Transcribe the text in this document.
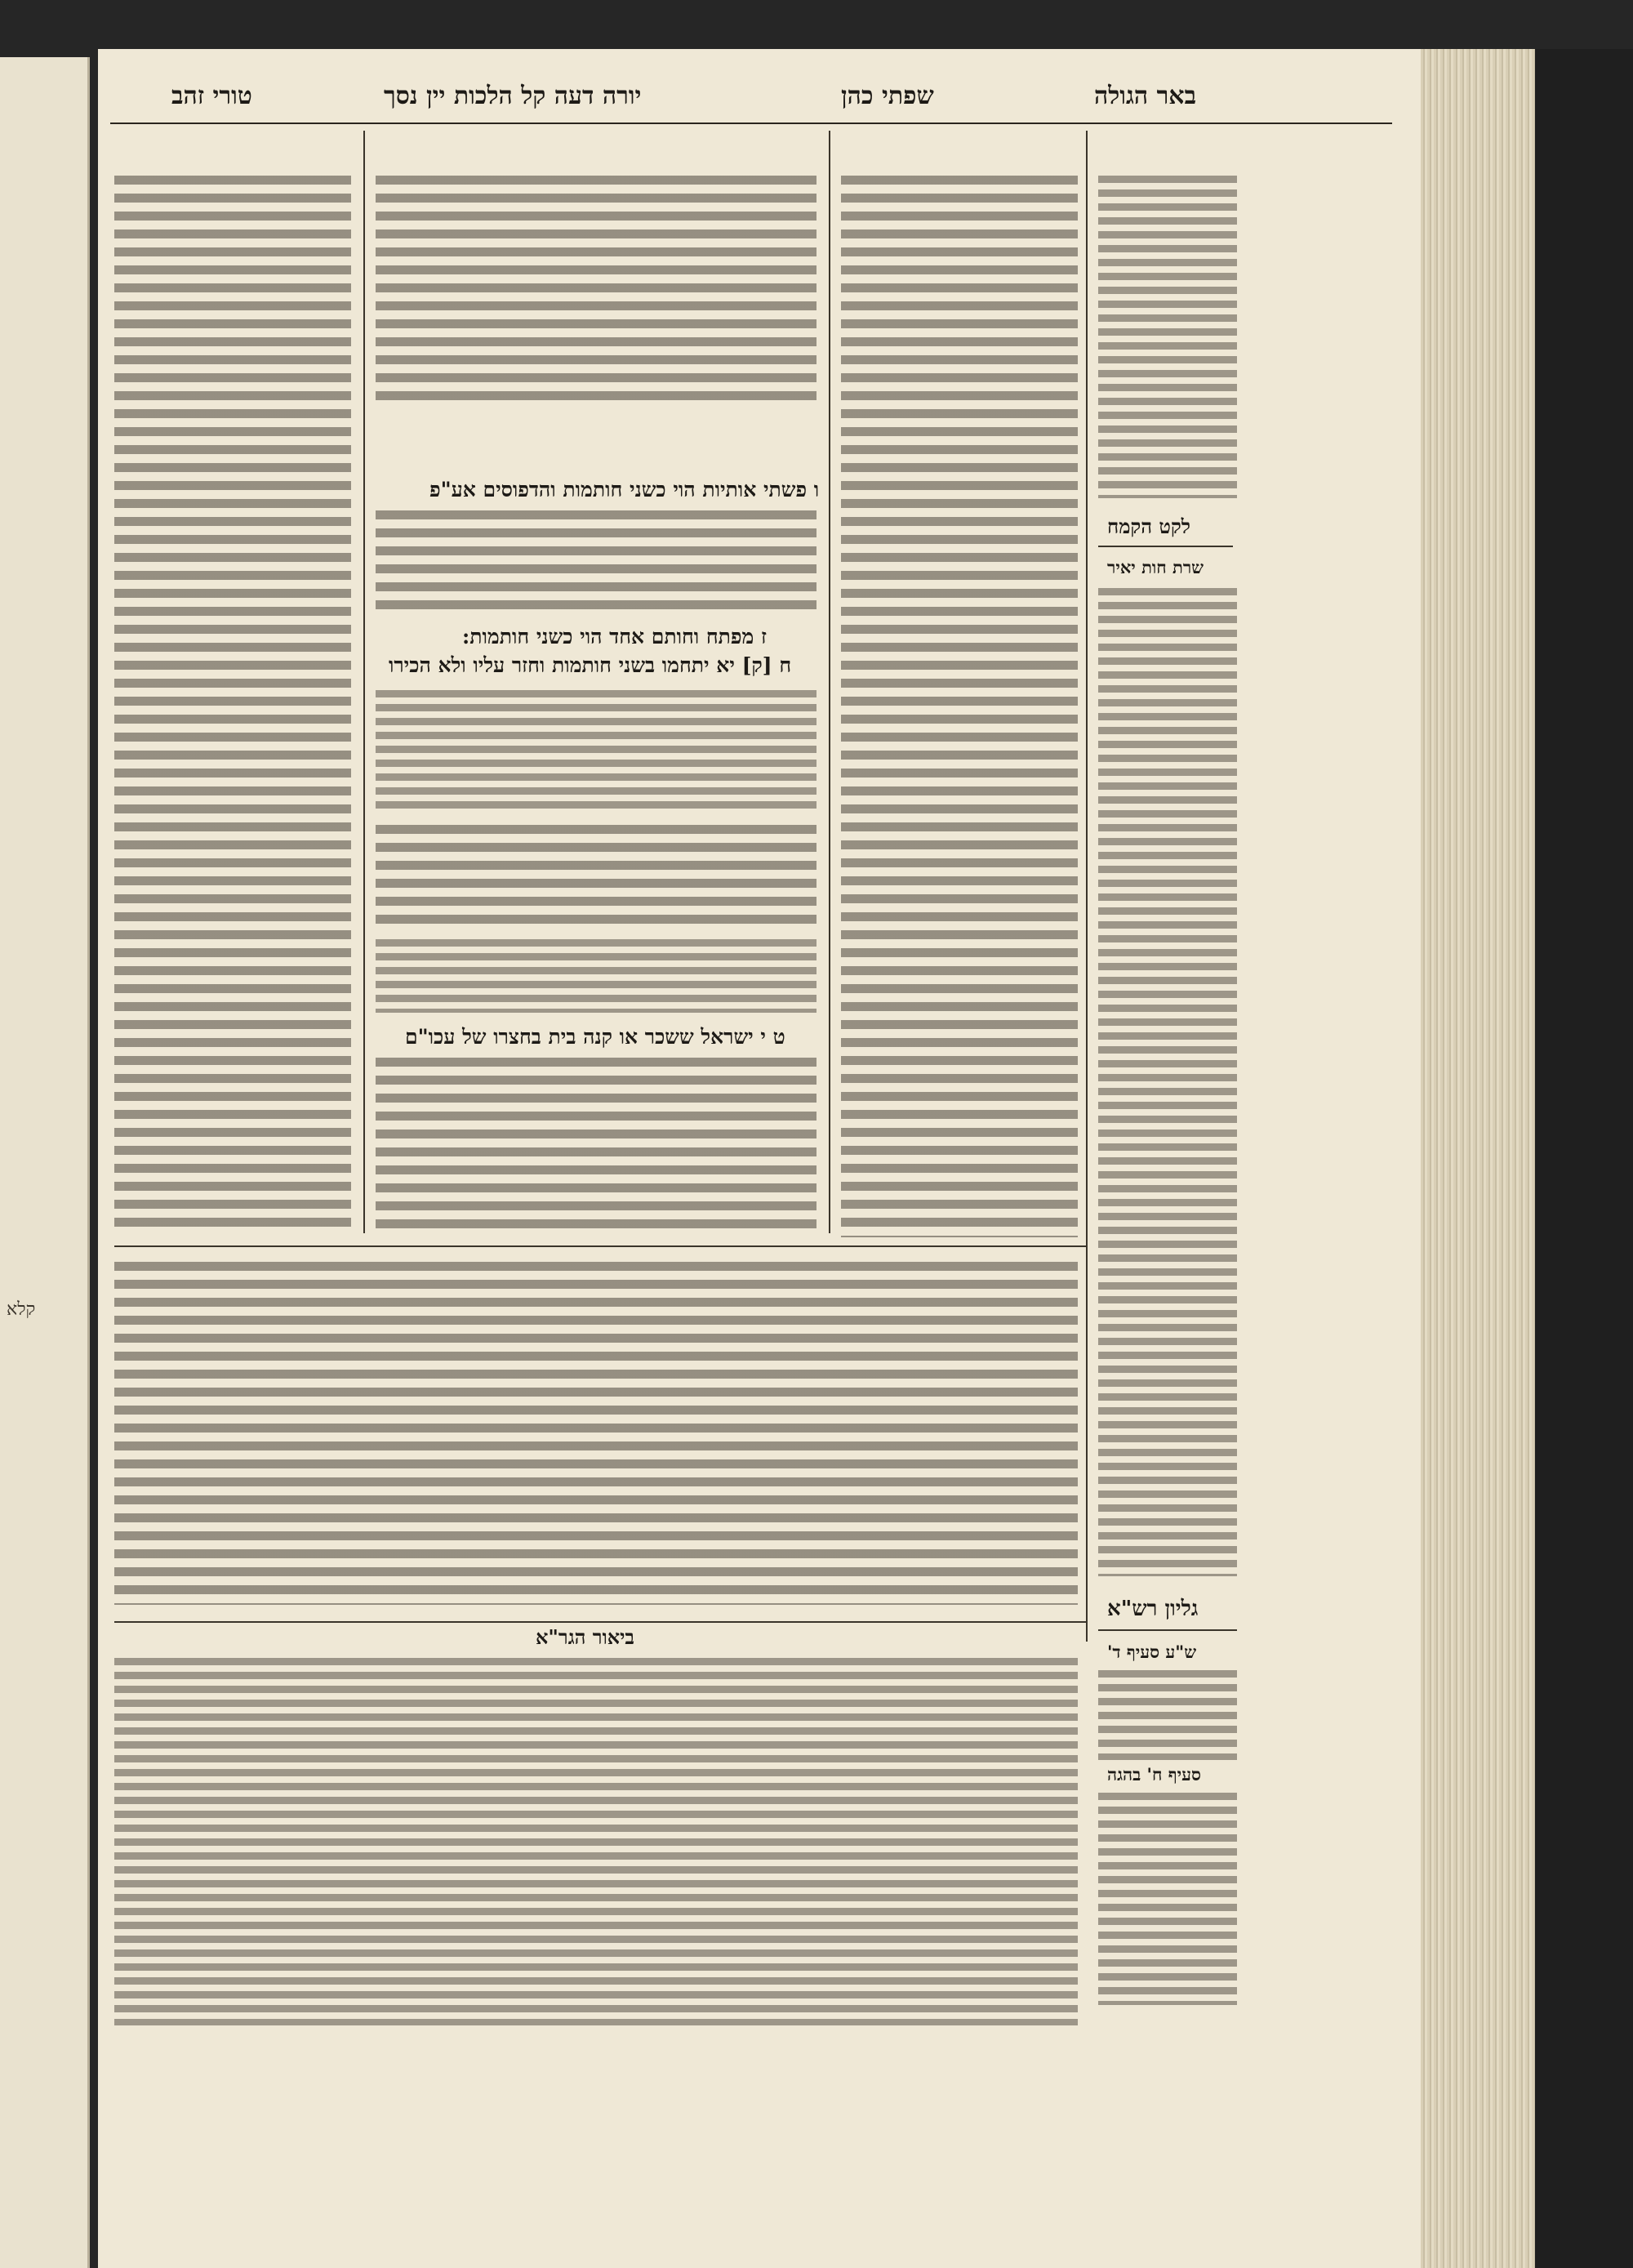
קלא
טורי זהב	יורה דעה קל הלכות יין נסך	שפתי כהן	באר הגולה
ו פשתי אותיות הוי כשני חותמות והדפוסים אע"פ
ז מפתח וחותם אחד הוי כשני חותמות:
ח [ק] יא יתחמו בשני חותמות וחזר עליו ולא הכירו
ט י ישראל ששכר או קנה בית בחצרו של עכו"ם
לקט הקמח
שרת חות יאיר
ביאור הגר"א
גליון רש"א
ש"ע סעיף ד'
סעיף ח' בהגה
